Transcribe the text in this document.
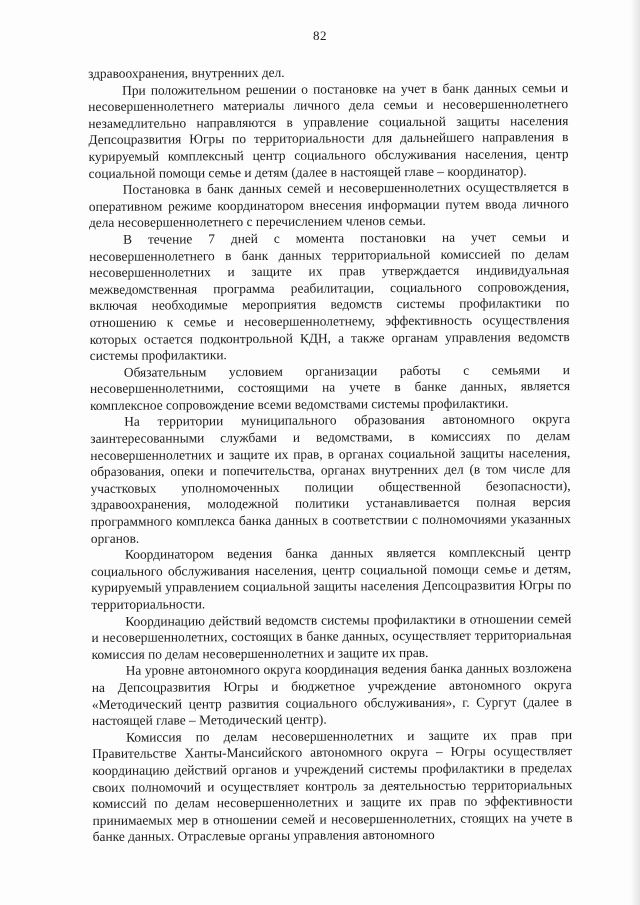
82

здравоохранения, внутренних дел.

При положительном решении о постановке на учет в банк данных семьи и несовершеннолетнего материалы личного дела семьи и несовершеннолетнего незамедлительно направляются в управление социальной защиты населения Депсоцразвития Югры по территориальности для дальнейшего направления в курируемый комплексный центр социального обслуживания населения, центр социальной помощи семье и детям (далее в настоящей главе – координатор).

Постановка в банк данных семей и несовершеннолетних осуществляется в оперативном режиме координатором внесения информации путем ввода личного дела несовершеннолетнего с перечислением членов семьи.

В течение 7 дней с момента постановки на учет семьи и несовершеннолетнего в банк данных территориальной комиссией по делам несовершеннолетних и защите их прав утверждается индивидуальная межведомственная программа реабилитации, социального сопровождения, включая необходимые мероприятия ведомств системы профилактики по отношению к семье и несовершеннолетнему, эффективность осуществления которых остается подконтрольной КДН, а также органам управления ведомств системы профилактики.

Обязательным условием организации работы с семьями и несовершеннолетними, состоящими на учете в банке данных, является комплексное сопровождение всеми ведомствами системы профилактики.

На территории муниципального образования автономного округа заинтересованными службами и ведомствами, в комиссиях по делам несовершеннолетних и защите их прав, в органах социальной защиты населения, образования, опеки и попечительства, органах внутренних дел (в том числе для участковых уполномоченных полиции общественной безопасности), здравоохранения, молодежной политики устанавливается полная версия программного комплекса банка данных в соответствии с полномочиями указанных органов.

Координатором ведения банка данных является комплексный центр социального обслуживания населения, центр социальной помощи семье и детям, курируемый управлением социальной защиты населения Депсоцразвития Югры по территориальности.

Координацию действий ведомств системы профилактики в отношении семей и несовершеннолетних, состоящих в банке данных, осуществляет территориальная комиссия по делам несовершеннолетних и защите их прав.

На уровне автономного округа координация ведения банка данных возложена на Депсоцразвития Югры и бюджетное учреждение автономного округа «Методический центр развития социального обслуживания», г. Сургут (далее в настоящей главе – Методический центр).

Комиссия по делам несовершеннолетних и защите их прав при Правительстве Ханты-Мансийского автономного округа – Югры осуществляет координацию действий органов и учреждений системы профилактики в пределах своих полномочий и осуществляет контроль за деятельностью территориальных комиссий по делам несовершеннолетних и защите их прав по эффективности принимаемых мер в отношении семей и несовершеннолетних, стоящих на учете в банке данных. Отраслевые органы управления автономного
